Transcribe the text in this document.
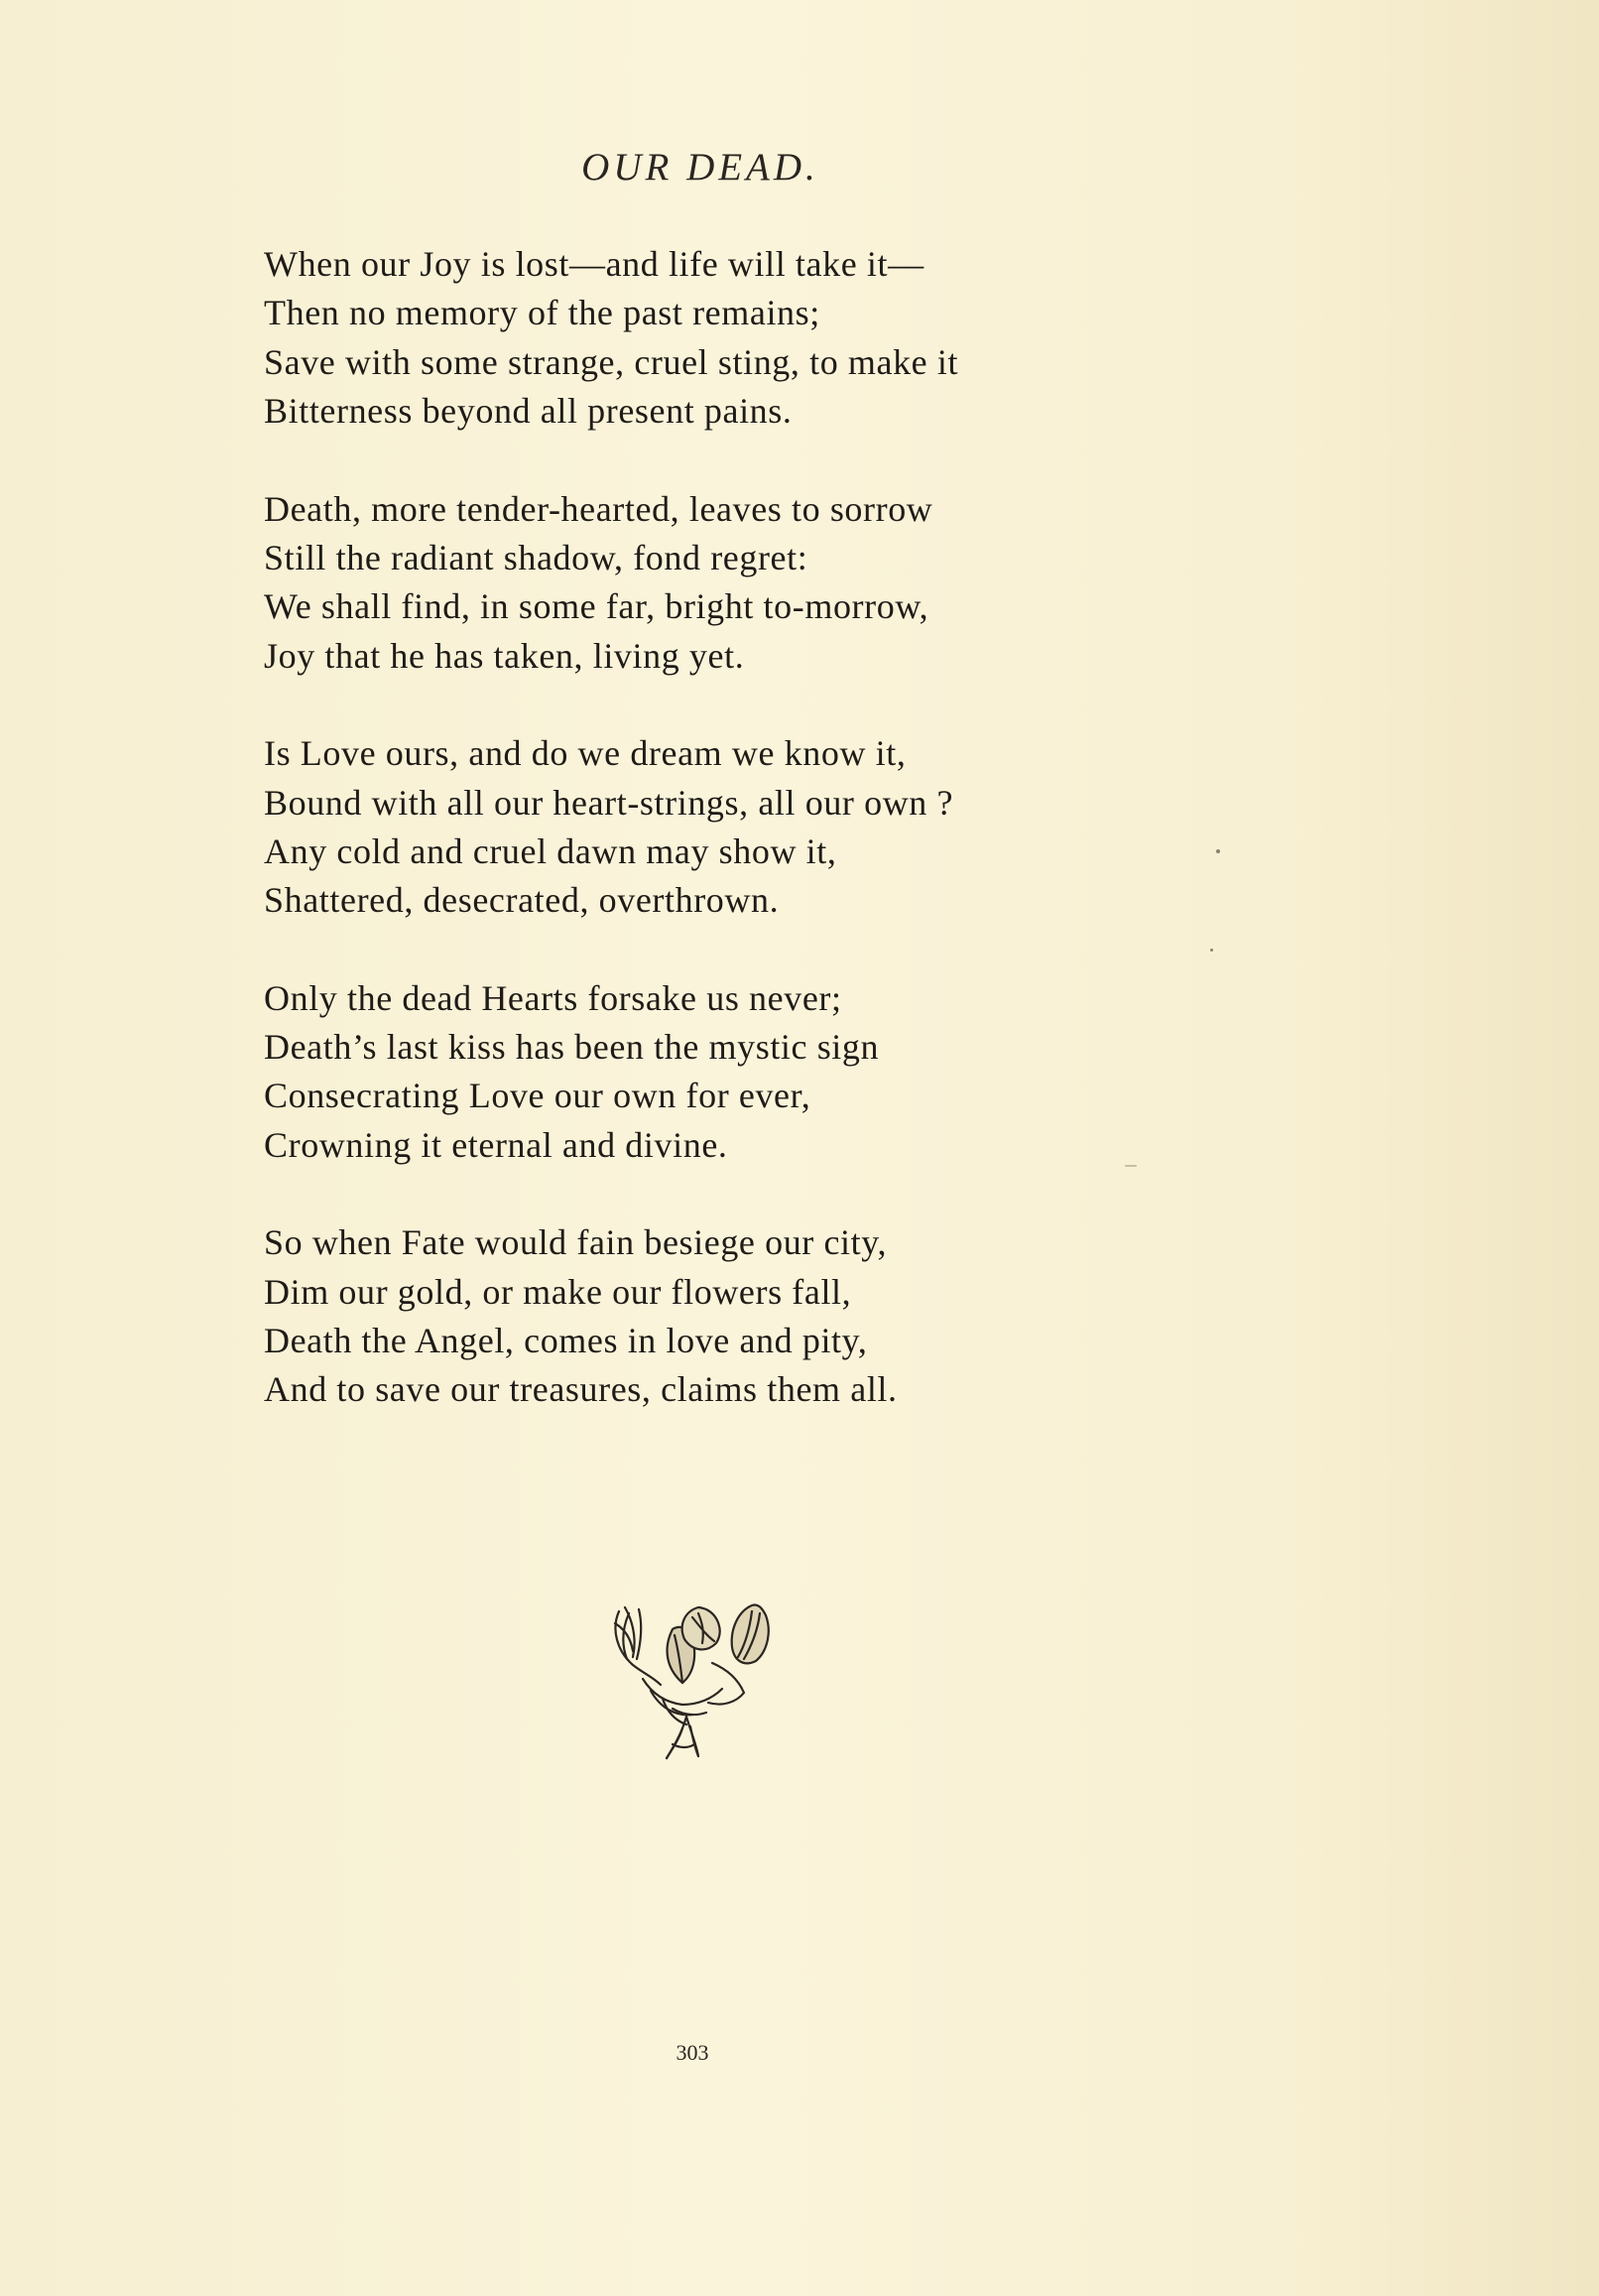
OUR DEAD.
When our Joy is lost—and life will take it—
Then no memory of the past remains;
Save with some strange, cruel sting, to make it
Bitterness beyond all present pains.
Death, more tender-hearted, leaves to sorrow
Still the radiant shadow, fond regret:
We shall find, in some far, bright to-morrow,
Joy that he has taken, living yet.
Is Love ours, and do we dream we know it,
Bound with all our heart-strings, all our own ?
Any cold and cruel dawn may show it,
Shattered, desecrated, overthrown.
Only the dead Hearts forsake us never;
Death’s last kiss has been the mystic sign
Consecrating Love our own for ever,
Crowning it eternal and divine.
So when Fate would fain besiege our city,
Dim our gold, or make our flowers fall,
Death the Angel, comes in love and pity,
And to save our treasures, claims them all.
303
